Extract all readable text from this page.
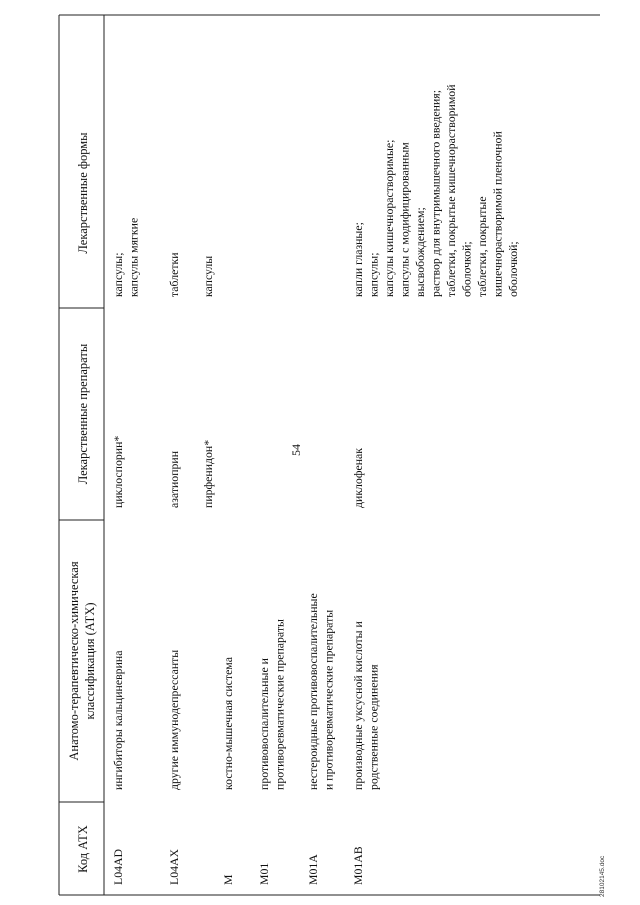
54
Код АТХ
Анатомо-терапевтическо-химическая классификация (АТХ)
Лекарственные препараты
Лекарственные формы
L04AD
ингибиторы кальциневрина
циклоспорин*
капсулы; капсулы мягкие
L04AX
другие иммунодепрессанты
азатиоприн
таблетки
пирфенидон*
капсулы
M
костно-мышечная система
M01
противовоспалительные и противоревматические препараты
M01A
нестероидные противовоспалительные и противоревматические препараты
M01AB
производные уксусной кислоты и родственные соединения
диклофенак
капли глазные; капсулы; капсулы кишечнорастворимые; капсулы с модифицированным высвобождением; раствор для внутримышечного введения; таблетки, покрытые кишечнорастворимой оболочкой; таблетки, покрытые кишечнорастворимой пленочной оболочкой;
28102145.doc
